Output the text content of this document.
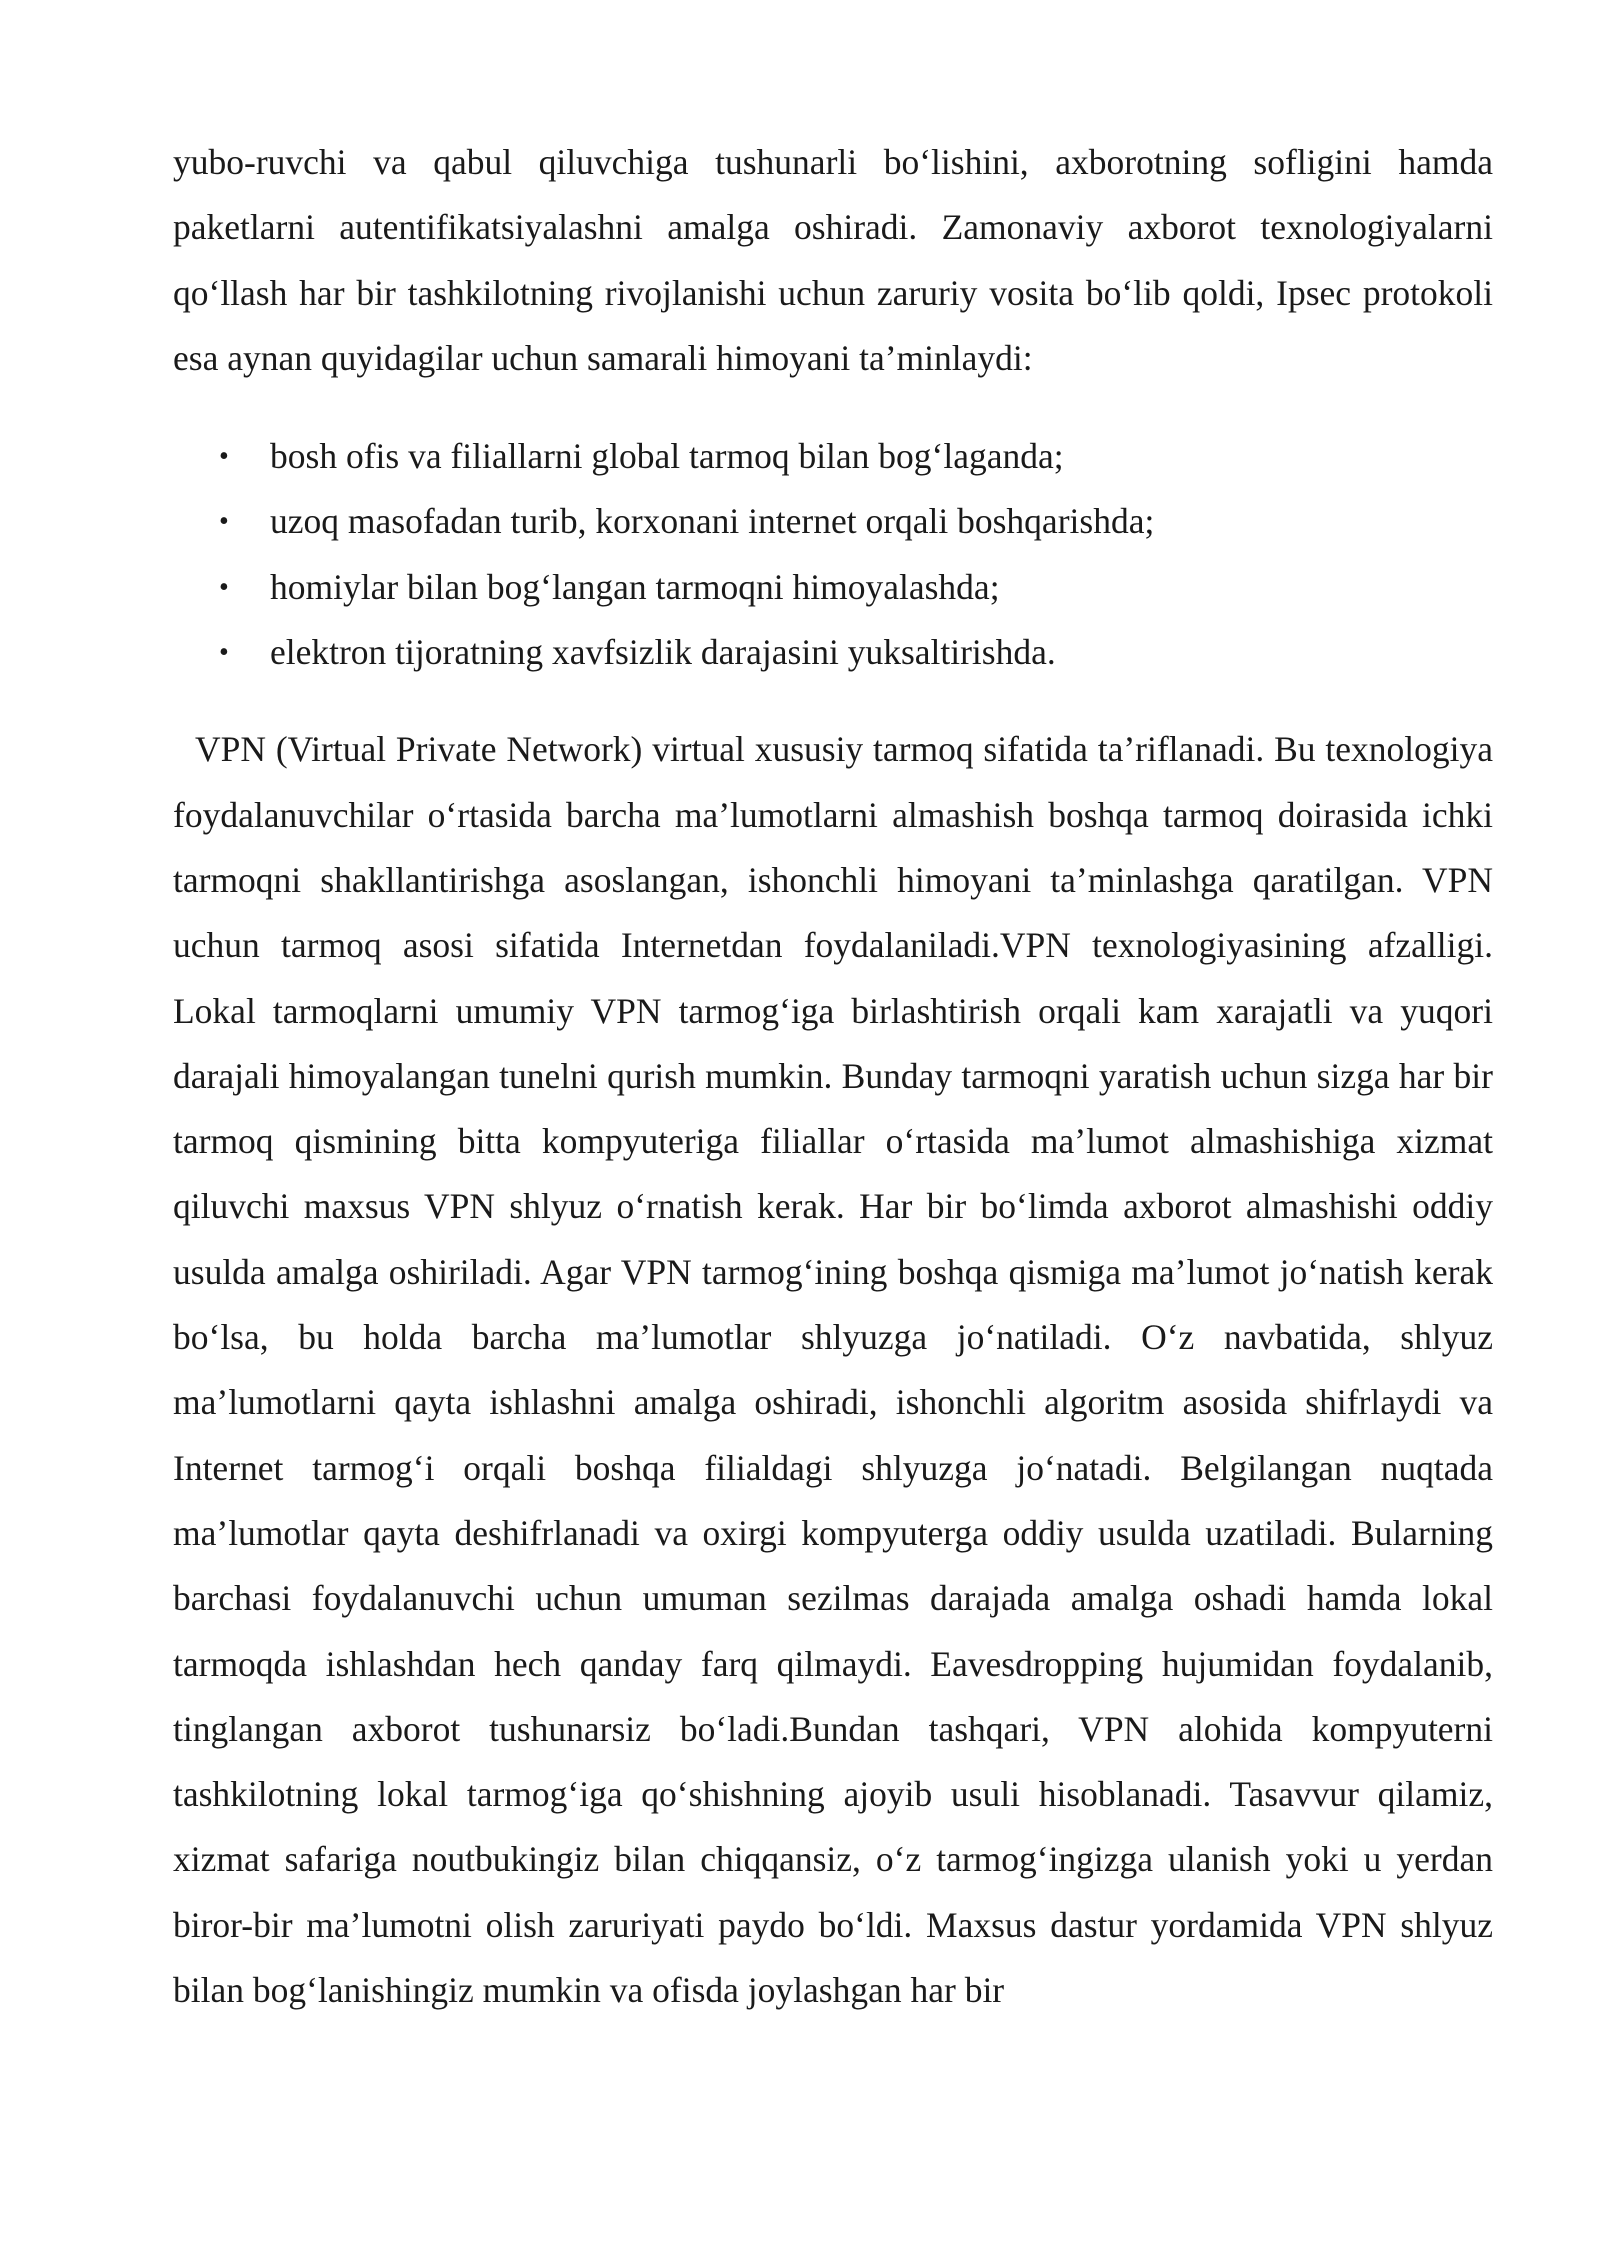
yubo-ruvchi va qabul qiluvchiga tushunarli bo‘lishini, axborotning sofligini hamda paketlarni autentifikatsiyalashni amalga oshiradi. Zamonaviy axborot texnologiyalarni qo‘llash har bir tashkilotning rivojlanishi uchun zaruriy vosita bo‘lib qoldi, Ipsec protokoli esa aynan quyidagilar uchun samarali himoyani ta’minlaydi:

• bosh ofis va filiallarni global tarmoq bilan bog‘laganda;
• uzoq masofadan turib, korxonani internet orqali boshqarishda;
• homiylar bilan bog‘langan tarmoqni himoyalashda;
• elektron tijoratning xavfsizlik darajasini yuksaltirishda.

VPN (Virtual Private Network) virtual xususiy tarmoq sifatida ta’riflanadi. Bu texnologiya foydalanuvchilar o‘rtasida barcha ma’lumotlarni almashish boshqa tarmoq doirasida ichki tarmoqni shakllantirishga asoslangan, ishonchli himoyani ta’minlashga qaratilgan. VPN uchun tarmoq asosi sifatida Internetdan foydalaniladi.VPN texnologiyasining afzalligi. Lokal tarmoqlarni umumiy VPN tarmog‘iga birlashtirish orqali kam xarajatli va yuqori darajali himoyalangan tunelni qurish mumkin. Bunday tarmoqni yaratish uchun sizga har bir tarmoq qismining bitta kompyuteriga filiallar o‘rtasida ma’lumot almashishiga xizmat qiluvchi maxsus VPN shlyuz o‘rnatish kerak. Har bir bo‘limda axborot almashishi oddiy usulda amalga oshiriladi. Agar VPN tarmog‘ining boshqa qismiga ma’lumot jo‘natish kerak bo‘lsa, bu holda barcha ma’lumotlar shlyuzga jo‘natiladi. O‘z navbatida, shlyuz ma’lumotlarni qayta ishlashni amalga oshiradi, ishonchli algoritm asosida shifrlaydi va Internet tarmog‘i orqali boshqa filialdagi shlyuzga jo‘natadi. Belgilangan nuqtada ma’lumotlar qayta deshifrlanadi va oxirgi kompyuterga oddiy usulda uzatiladi. Bularning barchasi foydalanuvchi uchun umuman sezilmas darajada amalga oshadi hamda lokal tarmoqda ishlashdan hech qanday farq qilmaydi. Eavesdropping hujumidan foydalanib, tinglangan axborot tushunarsiz bo‘ladi.Bundan tashqari, VPN alohida kompyuterni tashkilotning lokal tarmog‘iga qo‘shishning ajoyib usuli hisoblanadi. Tasavvur qilamiz, xizmat safariga noutbukingiz bilan chiqqansiz, o‘z tarmog‘ingizga ulanish yoki u yerdan biror-bir ma’lumotni olish zaruriyati paydo bo‘ldi. Maxsus dastur yordamida VPN shlyuz bilan bog‘lanishingiz mumkin va ofisda joylashgan har bir
